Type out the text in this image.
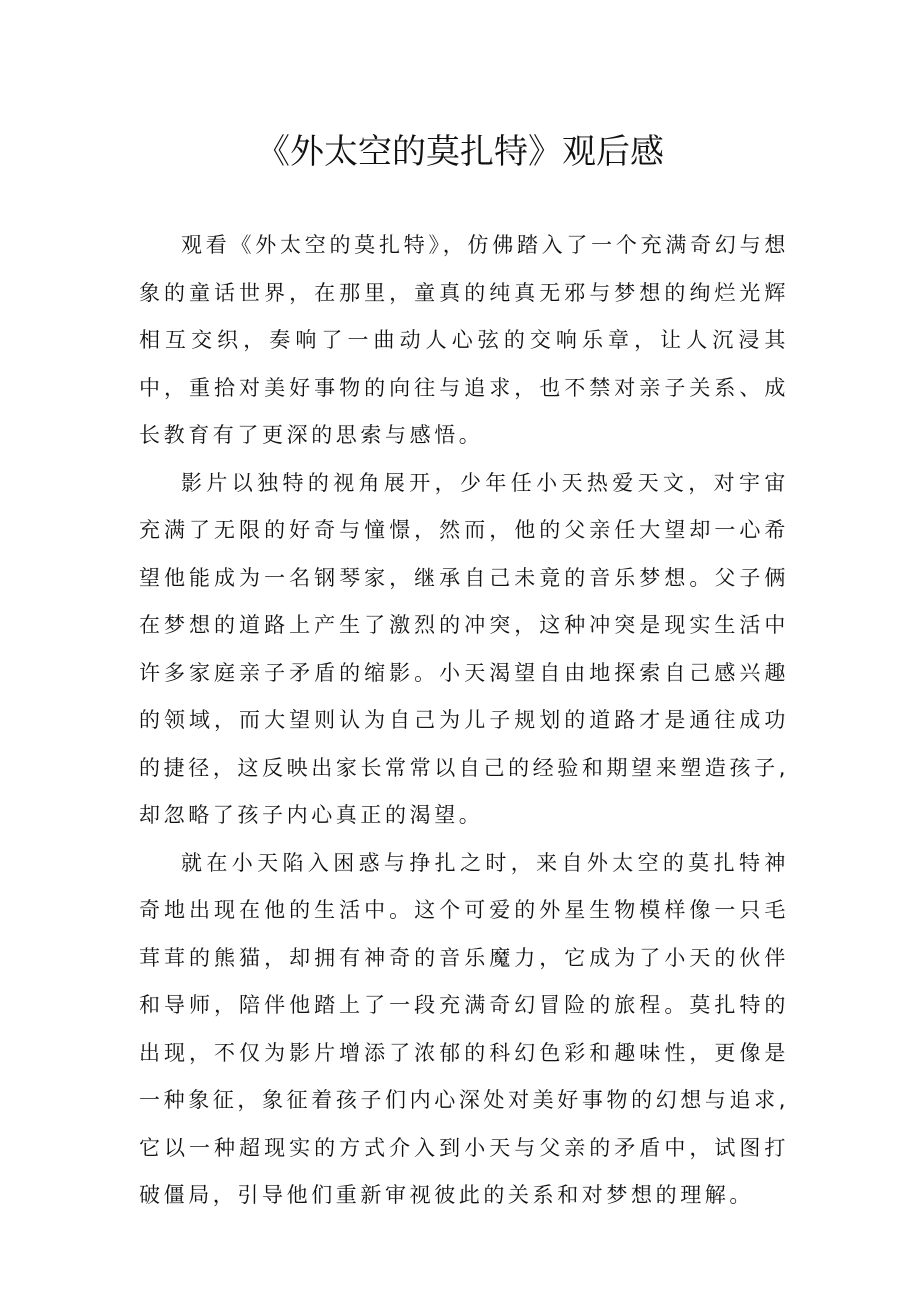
《外太空的莫扎特》观后感

观看《外太空的莫扎特》，仿佛踏入了一个充满奇幻与想象的童话世界，在那里，童真的纯真无邪与梦想的绚烂光辉相互交织，奏响了一曲动人心弦的交响乐章，让人沉浸其中，重拾对美好事物的向往与追求，也不禁对亲子关系、成长教育有了更深的思索与感悟。

影片以独特的视角展开，少年任小天热爱天文，对宇宙充满了无限的好奇与憧憬，然而，他的父亲任大望却一心希望他能成为一名钢琴家，继承自己未竟的音乐梦想。父子俩在梦想的道路上产生了激烈的冲突，这种冲突是现实生活中许多家庭亲子矛盾的缩影。小天渴望自由地探索自己感兴趣的领域，而大望则认为自己为儿子规划的道路才是通往成功的捷径，这反映出家长常常以自己的经验和期望来塑造孩子,却忽略了孩子内心真正的渴望。

就在小天陷入困惑与挣扎之时，来自外太空的莫扎特神奇地出现在他的生活中。这个可爱的外星生物模样像一只毛茸茸的熊猫，却拥有神奇的音乐魔力，它成为了小天的伙伴和导师，陪伴他踏上了一段充满奇幻冒险的旅程。莫扎特的出现，不仅为影片增添了浓郁的科幻色彩和趣味性，更像是一种象征，象征着孩子们内心深处对美好事物的幻想与追求,它以一种超现实的方式介入到小天与父亲的矛盾中，试图打破僵局，引导他们重新审视彼此的关系和对梦想的理解。
